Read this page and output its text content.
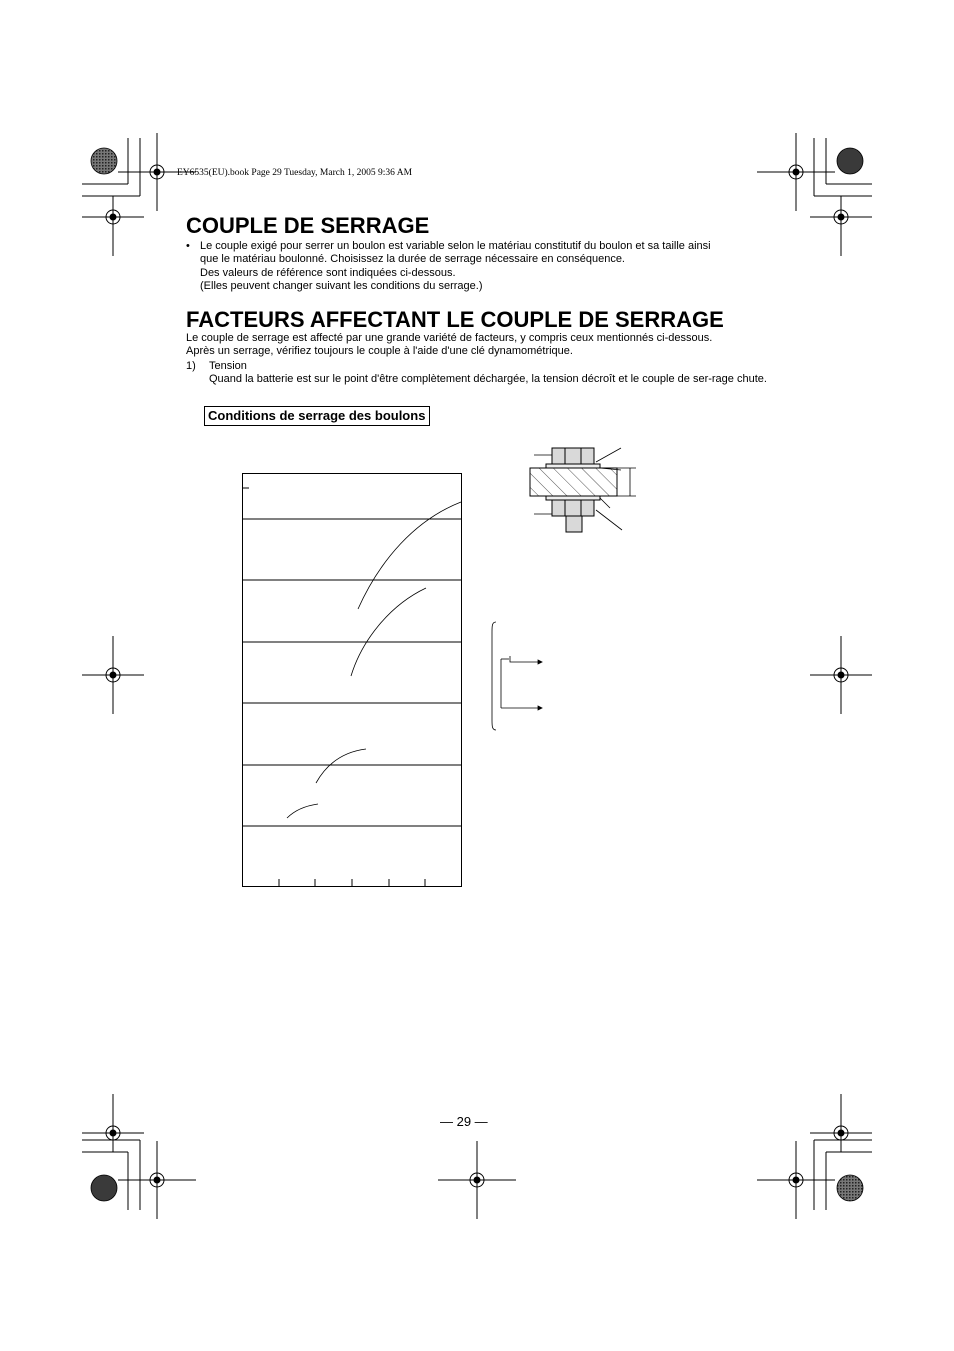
EY6535(EU).book Page 29 Tuesday, March 1, 2005 9:36 AM
COUPLE DE SERRAGE
• Le couple exigé pour serrer un boulon est variable selon le matériau constitutif du boulon et sa taille ainsi
que le matériau boulonné. Choisissez la durée de serrage nécessaire en conséquence.
Des valeurs de référence sont indiquées ci-dessous.
(Elles peuvent changer suivant les conditions du serrage.)
FACTEURS AFFECTANT LE COUPLE DE SERRAGE
Le couple de serrage est affecté par une grande variété de facteurs, y compris ceux mentionnés ci-dessous.
Après un serrage, vérifiez toujours le couple à l'aide d'une clé dynamométrique.
1)	Tension
Quand la batterie est sur le point d'être complètement déchargée, la tension décroît et le couple de ser-rage chute.
Conditions de serrage des boulons
— 29 —
